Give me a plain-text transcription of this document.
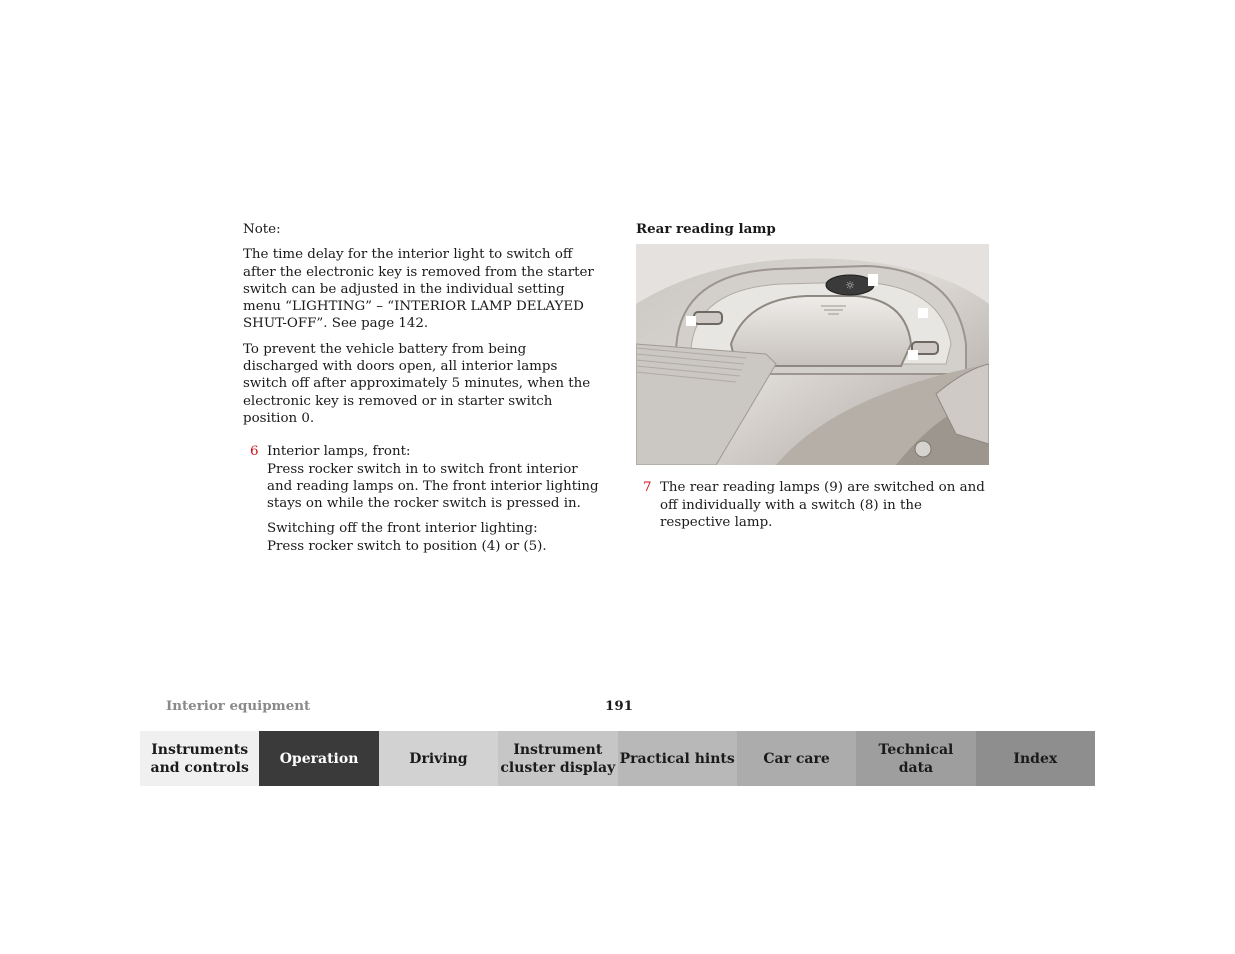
Note:

The time delay for the interior light to switch off after the electronic key is removed from the starter switch can be adjusted in the individual setting menu “LIGHTING” – “INTERIOR LAMP DELAYED SHUT-OFF”. See page 142.

To prevent the vehicle battery from being discharged with doors open, all interior lamps switch off after approximately 5 minutes, when the electronic key is removed or in starter switch position 0.

6 Interior lamps, front:

Press rocker switch in to switch front interior and reading lamps on. The front interior lighting stays on while the rocker switch is pressed in.

Switching off the front interior lighting:

Press rocker switch to position (4) or (5).

Rear reading lamp

☼
7 The rear reading lamps (9) are switched on and off individually with a switch (8) in the respective lamp.

Interior equipment	191
Instruments
and controls
Operation	Driving
Instrument
cluster display
Practical hints	Car care
Technical
data
Index
